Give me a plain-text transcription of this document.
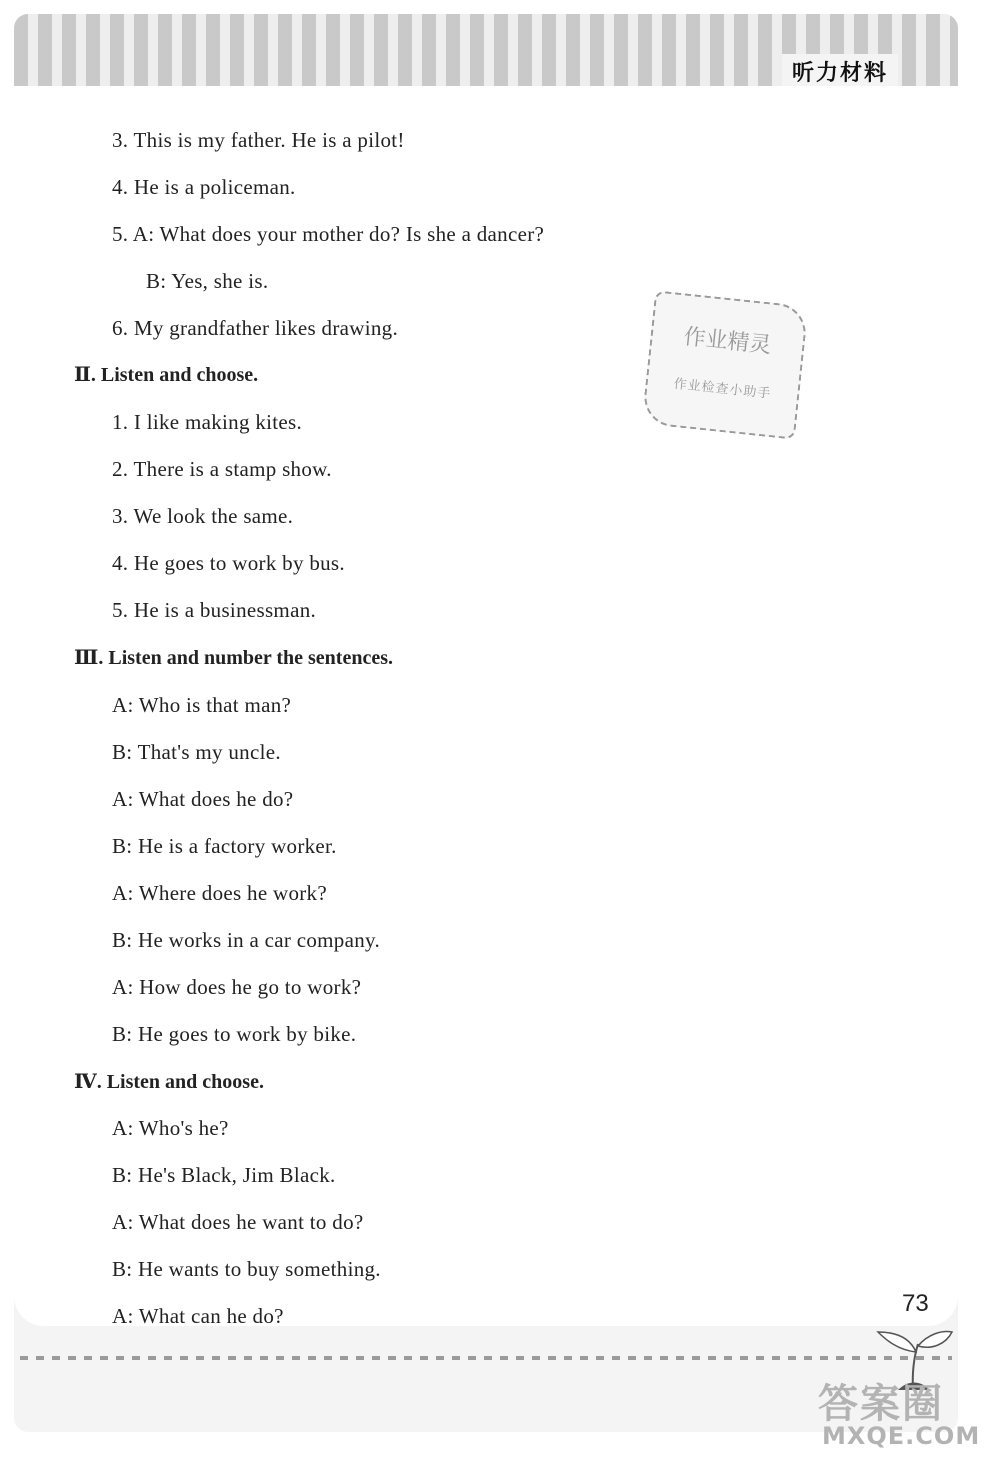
听力材料
3. This is my father. He is a pilot!
4. He is a policeman.
5. A: What does your mother do? Is she a dancer?
B: Yes, she is.
6. My grandfather likes drawing.
Ⅱ. Listen and choose.
1. I like making kites.
2. There is a stamp show.
3. We look the same.
4. He goes to work by bus.
5. He is a businessman.
Ⅲ. Listen and number the sentences.
A: Who is that man?
B: That's my uncle.
A: What does he do?
B: He is a factory worker.
A: Where does he work?
B: He works in a car company.
A: How does he go to work?
B: He goes to work by bike.
Ⅳ. Listen and choose.
A: Who's he?
B: He's Black, Jim Black.
A: What does he want to do?
B: He wants to buy something.
A: What can he do?
作业精灵
作业检查小助手
73
答案圈
MXQE.COM
